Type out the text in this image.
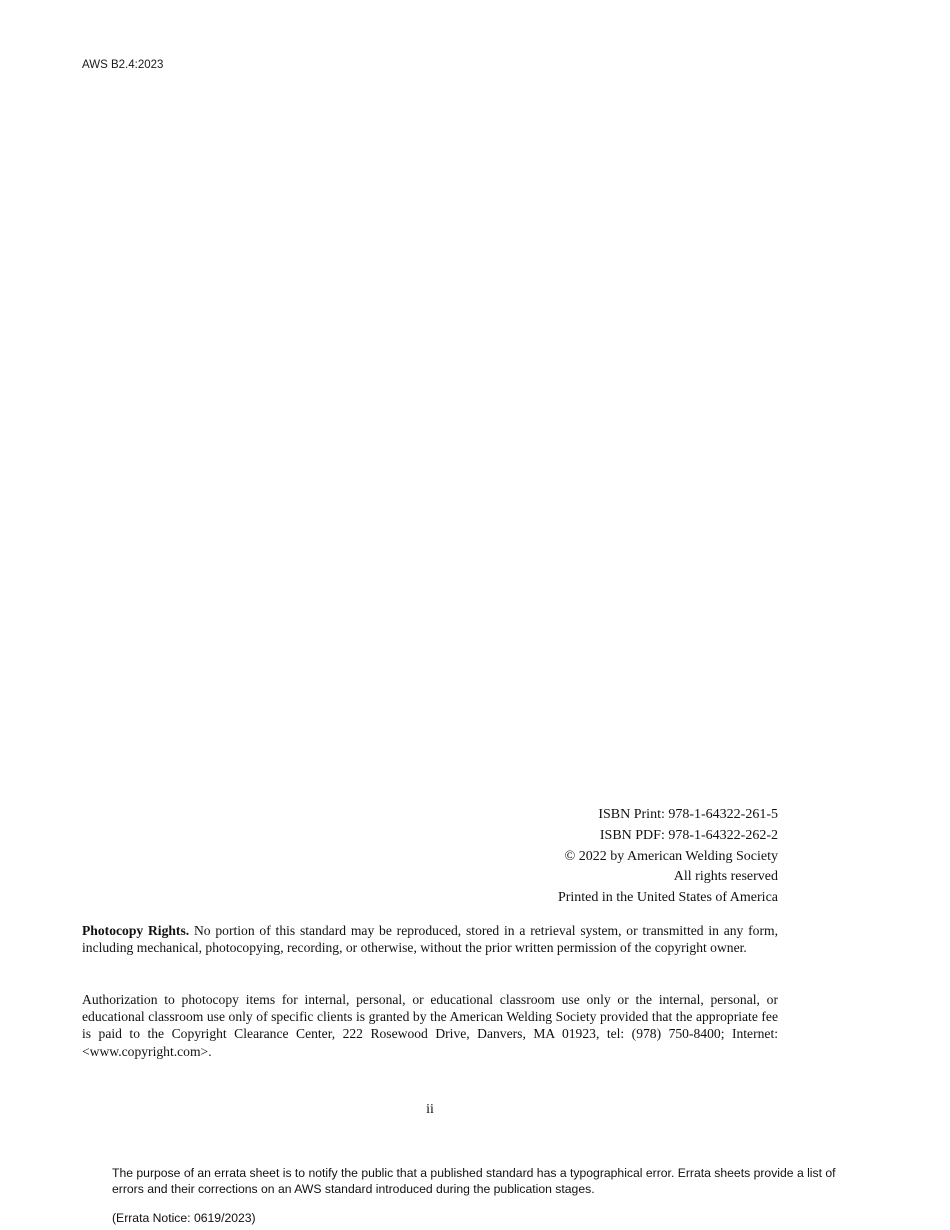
AWS B2.4:2023
ISBN Print: 978-1-64322-261-5
ISBN PDF: 978-1-64322-262-2
© 2022 by American Welding Society
All rights reserved
Printed in the United States of America

Photocopy Rights. No portion of this standard may be reproduced, stored in a retrieval system, or transmitted in any form, including mechanical, photocopying, recording, or otherwise, without the prior written permission of the copyright owner.

Authorization to photocopy items for internal, personal, or educational classroom use only or the internal, personal, or educational classroom use only of specific clients is granted by the American Welding Society provided that the appropriate fee is paid to the Copyright Clearance Center, 222 Rosewood Drive, Danvers, MA 01923, tel: (978) 750-8400; Internet: <www.copyright.com>.

ii
The purpose of an errata sheet is to notify the public that a published standard has a typographical error. Errata sheets provide a list of errors and their corrections on an AWS standard introduced during the publication stages.
(Errata Notice: 0619/2023)
